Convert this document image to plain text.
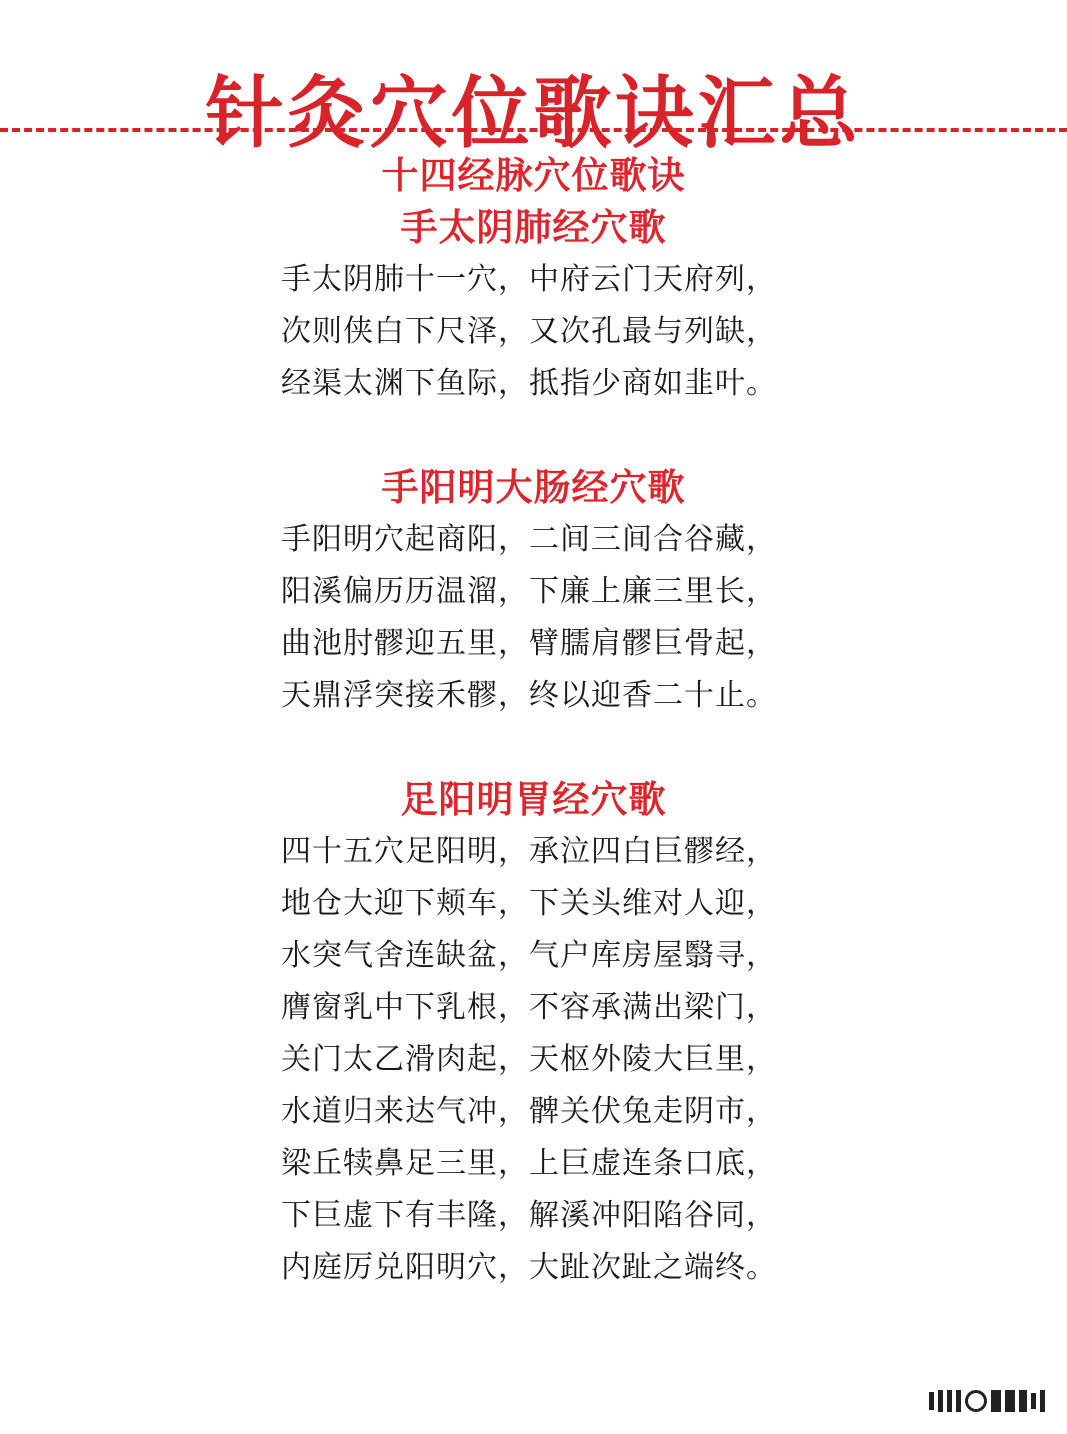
针灸穴位歌诀汇总
十四经脉穴位歌诀
手太阴肺经穴歌
手太阴肺十一穴，中府云门天府列，
次则侠白下尺泽，又次孔最与列缺，
经渠太渊下鱼际，抵指少商如韭叶。
手阳明大肠经穴歌
手阳明穴起商阳，二间三间合谷藏，
阳溪偏历历温溜，下廉上廉三里长，
曲池肘髎迎五里，臂臑肩髎巨骨起，
天鼎浮突接禾髎，终以迎香二十止。
足阳明胃经穴歌
四十五穴足阳明，承泣四白巨髎经，
地仓大迎下颊车，下关头维对人迎，
水突气舍连缺盆，气户库房屋翳寻，
膺窗乳中下乳根，不容承满出梁门，
关门太乙滑肉起，天枢外陵大巨里，
水道归来达气冲，髀关伏兔走阴市，
梁丘犊鼻足三里，上巨虚连条口底，
下巨虚下有丰隆，解溪冲阳陷谷同，
内庭厉兑阳明穴，大趾次趾之端终。
